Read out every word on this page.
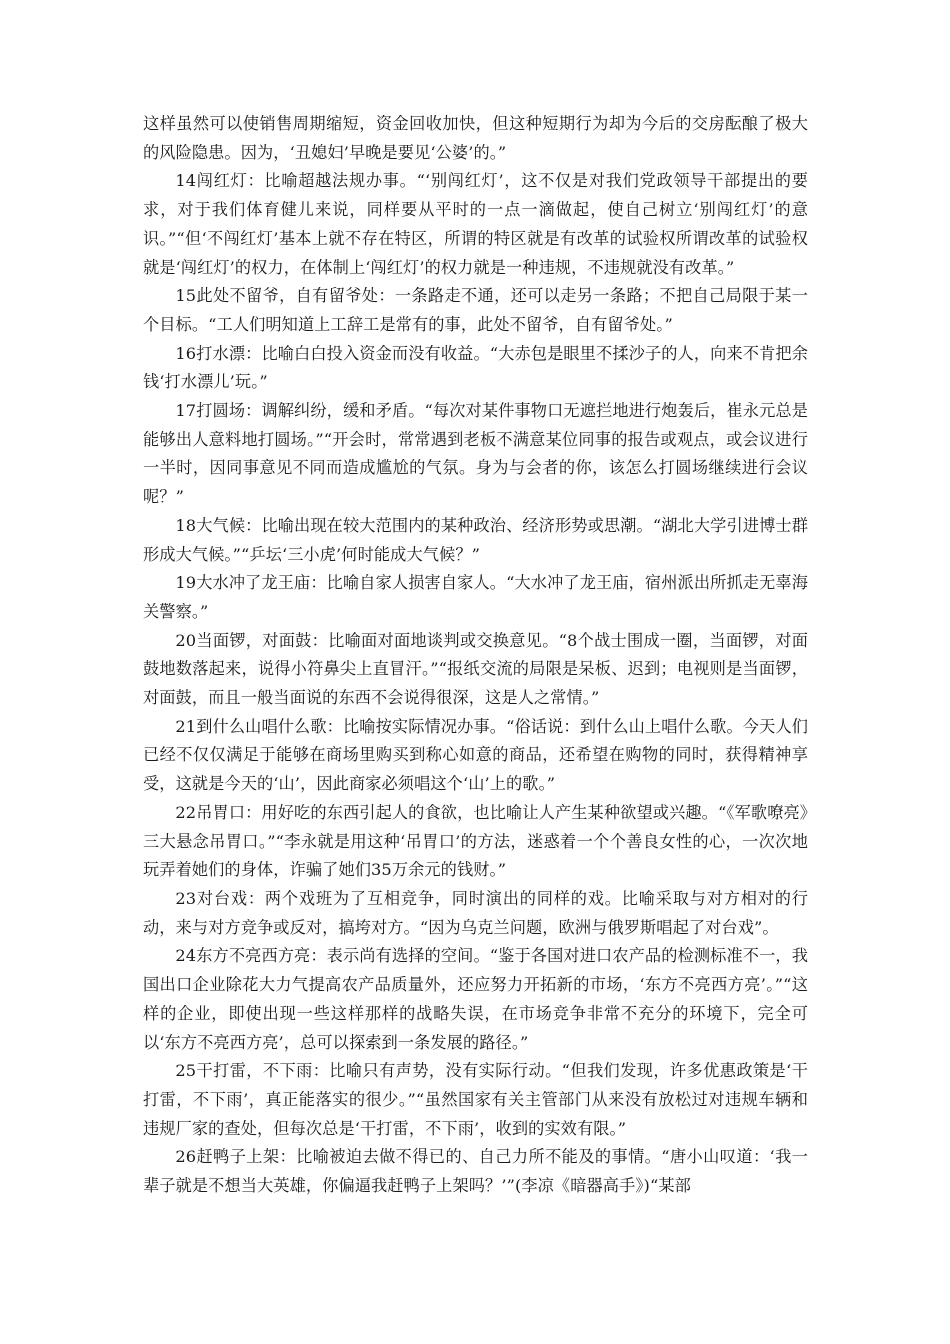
这样虽然可以使销售周期缩短，资金回收加快，但这种短期行为却为今后的交房酝酿了极大的风险隐患。因为，‘丑媳妇’早晚是要见‘公婆’的。”

14闯红灯：比喻超越法规办事。“‘别闯红灯’，这不仅是对我们党政领导干部提出的要求，对于我们体育健儿来说，同样要从平时的一点一滴做起，使自己树立‘别闯红灯’的意识。”“但‘不闯红灯’基本上就不存在特区，所谓的特区就是有改革的试验权所谓改革的试验权就是‘闯红灯’的权力，在体制上‘闯红灯’的权力就是一种违规，不违规就没有改革。”

15此处不留爷，自有留爷处：一条路走不通，还可以走另一条路；不把自己局限于某一个目标。“工人们明知道上工辞工是常有的事，此处不留爷，自有留爷处。”

16打水漂：比喻白白投入资金而没有收益。“大赤包是眼里不揉沙子的人，向来不肯把余钱‘打水漂儿’玩。”

17打圆场：调解纠纷，缓和矛盾。“每次对某件事物口无遮拦地进行炮轰后，崔永元总是能够出人意料地打圆场。”“开会时，常常遇到老板不满意某位同事的报告或观点，或会议进行一半时，因同事意见不同而造成尴尬的气氛。身为与会者的你，该怎么打圆场继续进行会议呢？”

18大气候：比喻出现在较大范围内的某种政治、经济形势或思潮。“湖北大学引进博士群形成大气候。”“乒坛‘三小虎’何时能成大气候？”

19大水冲了龙王庙：比喻自家人损害自家人。“大水冲了龙王庙，宿州派出所抓走无辜海关警察。”

20当面锣，对面鼓：比喻面对面地谈判或交换意见。“8个战士围成一圈，当面锣，对面鼓地数落起来，说得小符鼻尖上直冒汗。”“报纸交流的局限是呆板、迟到；电视则是当面锣，对面鼓，而且一般当面说的东西不会说得很深，这是人之常情。”

21到什么山唱什么歌：比喻按实际情况办事。“俗话说：到什么山上唱什么歌。今天人们已经不仅仅满足于能够在商场里购买到称心如意的商品，还希望在购物的同时，获得精神享受，这就是今天的‘山’，因此商家必须唱这个‘山’上的歌。”

22吊胃口：用好吃的东西引起人的食欲，也比喻让人产生某种欲望或兴趣。“《军歌嘹亮》三大悬念吊胃口。”“李永就是用这种‘吊胃口’的方法，迷惑着一个个善良女性的心，一次次地玩弄着她们的身体，诈骗了她们35万余元的钱财。”

23对台戏：两个戏班为了互相竞争，同时演出的同样的戏。比喻采取与对方相对的行动，来与对方竞争或反对，搞垮对方。“因为乌克兰问题，欧洲与俄罗斯唱起了对台戏”。

24东方不亮西方亮：表示尚有选择的空间。“鉴于各国对进口农产品的检测标准不一，我国出口企业除花大力气提高农产品质量外，还应努力开拓新的市场，‘东方不亮西方亮’。”“这样的企业，即使出现一些这样那样的战略失误，在市场竞争非常不充分的环境下，完全可以‘东方不亮西方亮’，总可以探索到一条发展的路径。”

25干打雷，不下雨：比喻只有声势，没有实际行动。“但我们发现，许多优惠政策是‘干打雷，不下雨’，真正能落实的很少。”“虽然国家有关主管部门从来没有放松过对违规车辆和违规厂家的查处，但每次总是‘干打雷，不下雨’，收到的实效有限。”

26赶鸭子上架：比喻被迫去做不得已的、自己力所不能及的事情。“唐小山叹道：‘我一辈子就是不想当大英雄，你偏逼我赶鸭子上架吗？’”(李凉《暗器高手》)“某部
